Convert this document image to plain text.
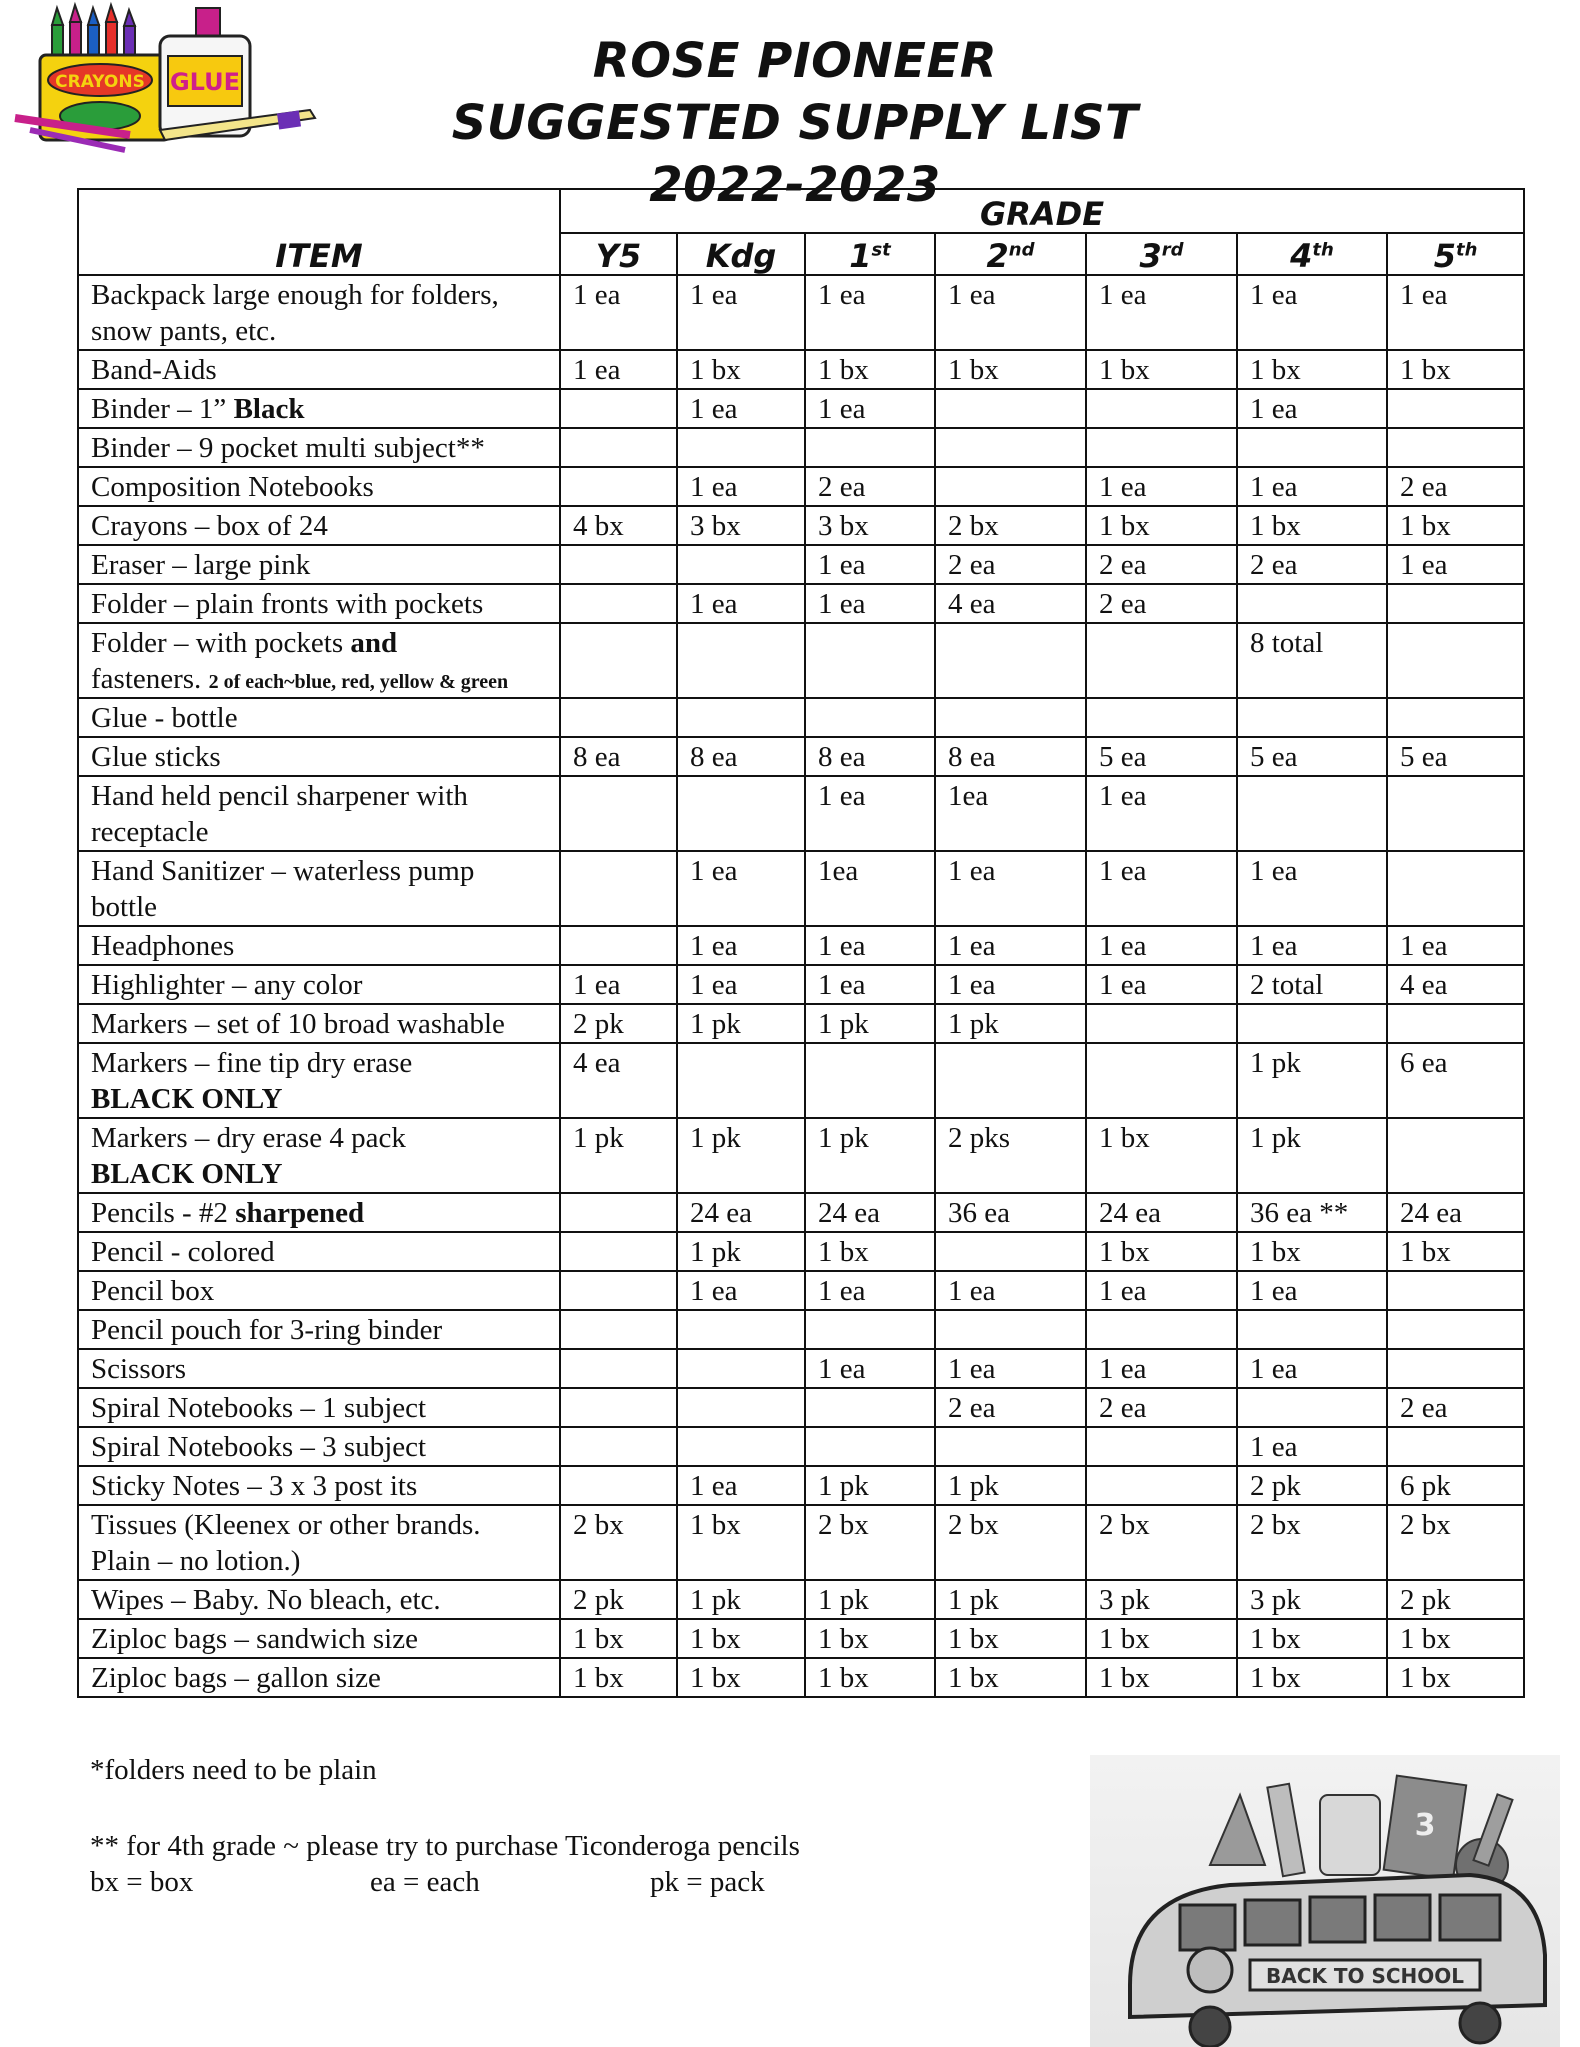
CRAYONS GLUE	ROSE PIONEER
SUGGESTED SUPPLY LIST 2022-2023
ITEM	GRADE						
	Y5	Kdg	1st	2nd	3rd	4th	5th
Backpack large enough for folders, snow pants, etc.	1 ea	1 ea	1 ea	1 ea	1 ea	1 ea	1 ea
Band-Aids	1 ea	1 bx	1 bx	1 bx	1 bx	1 bx	1 bx
Binder – 1” Black		1 ea	1 ea			1 ea	
Binder – 9 pocket multi subject**							
Composition Notebooks		1 ea	2 ea		1 ea	1 ea	2 ea
Crayons – box of 24	4 bx	3 bx	3 bx	2 bx	1 bx	1 bx	1 bx
Eraser – large pink			1 ea	2 ea	2 ea	2 ea	1 ea
Folder – plain fronts with pockets		1 ea	1 ea	4 ea	2 ea		
Folder – with pockets and
fasteners. 2 of each~blue, red, yellow & green						8 total	
Glue - bottle							
Glue sticks	8 ea	8 ea	8 ea	8 ea	5 ea	5 ea	5 ea
Hand held pencil sharpener with receptacle			1 ea	1ea	1 ea		
Hand Sanitizer – waterless pump bottle		1 ea	1ea	1 ea	1 ea	1 ea	
Headphones		1 ea	1 ea	1 ea	1 ea	1 ea	1 ea
Highlighter – any color	1 ea	1 ea	1 ea	1 ea	1 ea	2 total	4 ea
Markers – set of 10 broad washable	2 pk	1 pk	1 pk	1 pk			
Markers – fine tip dry erase
BLACK ONLY	4 ea					1 pk	6 ea
Markers – dry erase 4 pack
BLACK ONLY	1 pk	1 pk	1 pk	2 pks	1 bx	1 pk	
Pencils - #2 sharpened		24 ea	24 ea	36 ea	24 ea	36 ea **	24 ea
Pencil - colored		1 pk	1 bx		1 bx	1 bx	1 bx
Pencil box		1 ea	1 ea	1 ea	1 ea	1 ea	
Pencil pouch for 3-ring binder							
Scissors			1 ea	1 ea	1 ea	1 ea	
Spiral Notebooks – 1 subject				2 ea	2 ea		2 ea
Spiral Notebooks – 3 subject						1 ea	
Sticky Notes – 3 x 3 post its		1 ea	1 pk	1 pk		2 pk	6 pk
Tissues (Kleenex or other brands. Plain – no lotion.)	2 bx	1 bx	2 bx	2 bx	2 bx	2 bx	2 bx
Wipes – Baby. No bleach, etc.	2 pk	1 pk	1 pk	1 pk	3 pk	3 pk	2 pk
Ziploc bags – sandwich size	1 bx	1 bx	1 bx	1 bx	1 bx	1 bx	1 bx
Ziploc bags – gallon size	1 bx	1 bx	1 bx	1 bx	1 bx	1 bx	1 bx
*folders need to be plain
** for 4th grade ~ please try to purchase Ticonderoga pencils
bx = box	ea = each	pk = pack
3
BACK TO SCHOOL
